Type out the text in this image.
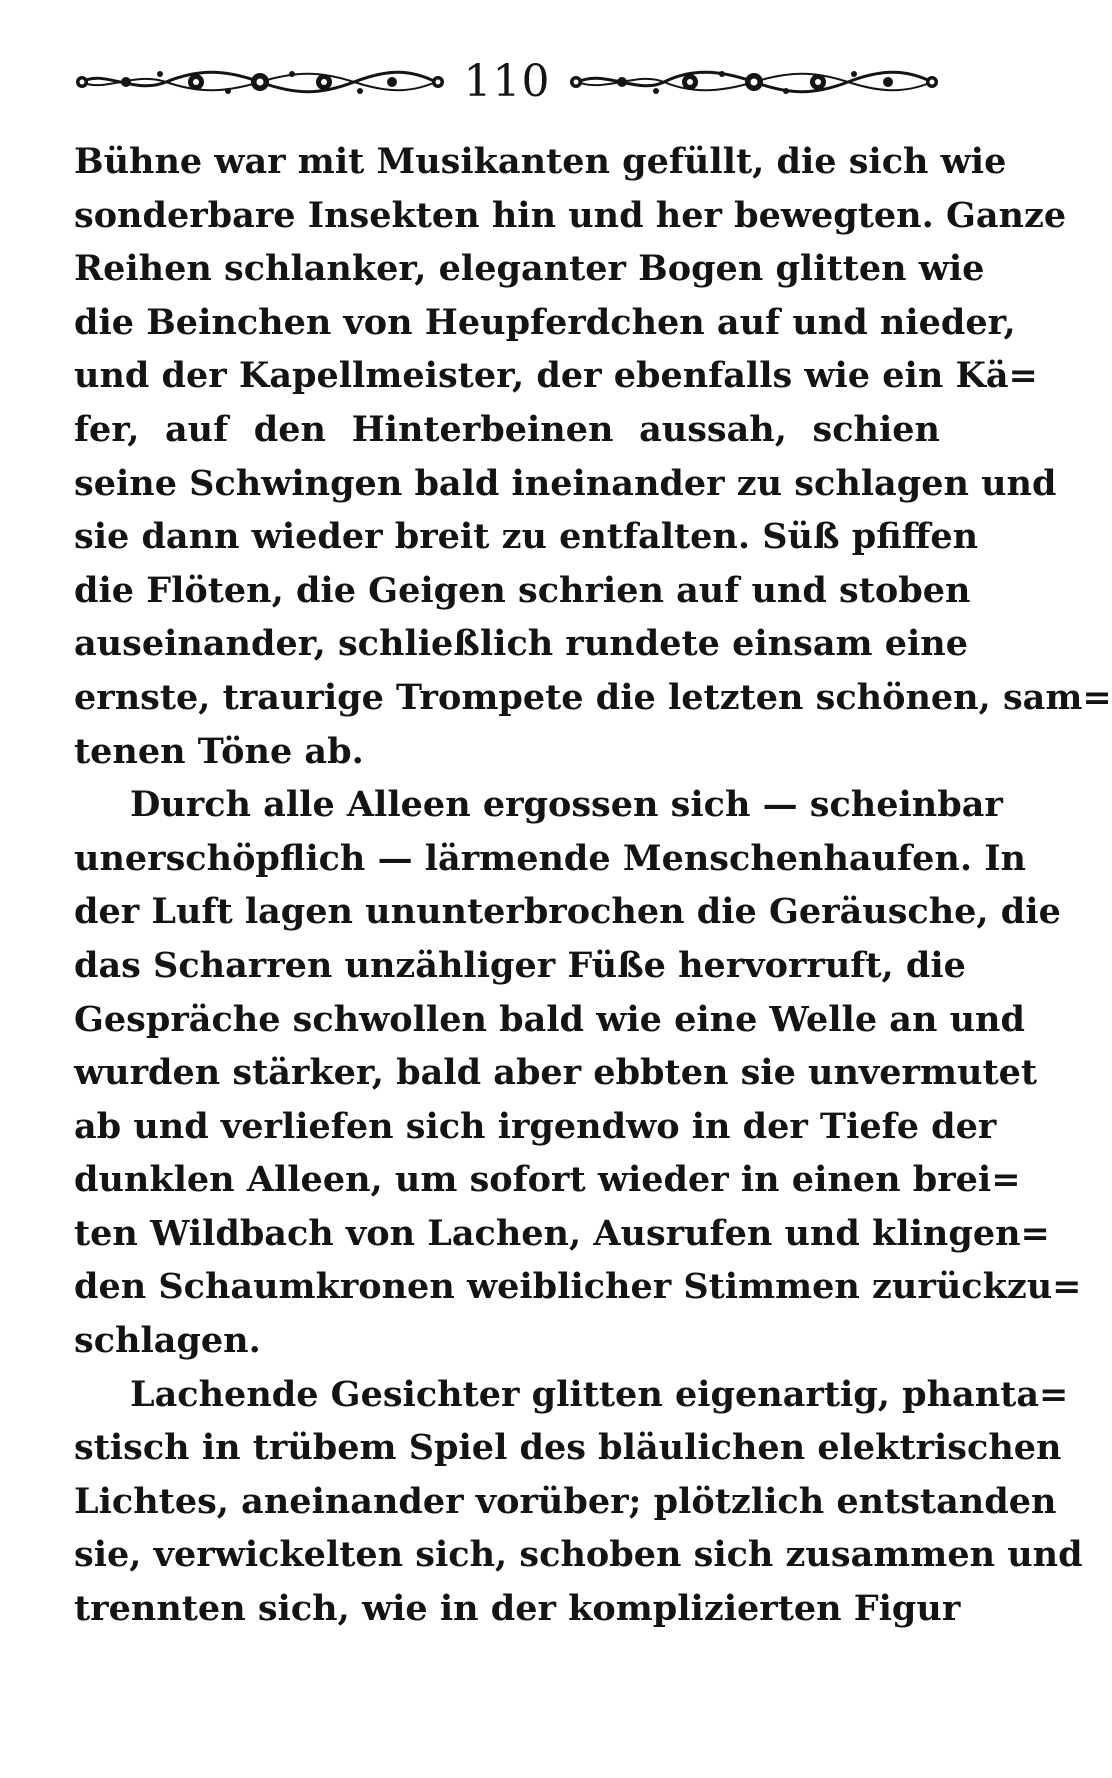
110
Bühne war mit Musikanten gefüllt, die sich wie
sonderbare Insekten hin und her bewegten. Ganze
Reihen schlanker, eleganter Bogen glitten wie
die Beinchen von Heupferdchen auf und nieder,
und der Kapellmeister, der ebenfalls wie ein Kä=
fer, auf den Hinterbeinen aussah, schien
seine Schwingen bald ineinander zu schlagen und
sie dann wieder breit zu entfalten. Süß pfiffen
die Flöten, die Geigen schrien auf und stoben
auseinander, schließlich rundete einsam eine
ernste, traurige Trompete die letzten schönen, sam=
tenen Töne ab.
Durch alle Alleen ergossen sich — scheinbar
unerschöpflich — lärmende Menschenhaufen. In
der Luft lagen ununterbrochen die Geräusche, die
das Scharren unzähliger Füße hervorruft, die
Gespräche schwollen bald wie eine Welle an und
wurden stärker, bald aber ebbten sie unvermutet
ab und verliefen sich irgendwo in der Tiefe der
dunklen Alleen, um sofort wieder in einen brei=
ten Wildbach von Lachen, Ausrufen und klingen=
den Schaumkronen weiblicher Stimmen zurückzu=
schlagen.
Lachende Gesichter glitten eigenartig, phanta=
stisch in trübem Spiel des bläulichen elektrischen
Lichtes, aneinander vorüber; plötzlich entstanden
sie, verwickelten sich, schoben sich zusammen und
trennten sich, wie in der komplizierten Figur
